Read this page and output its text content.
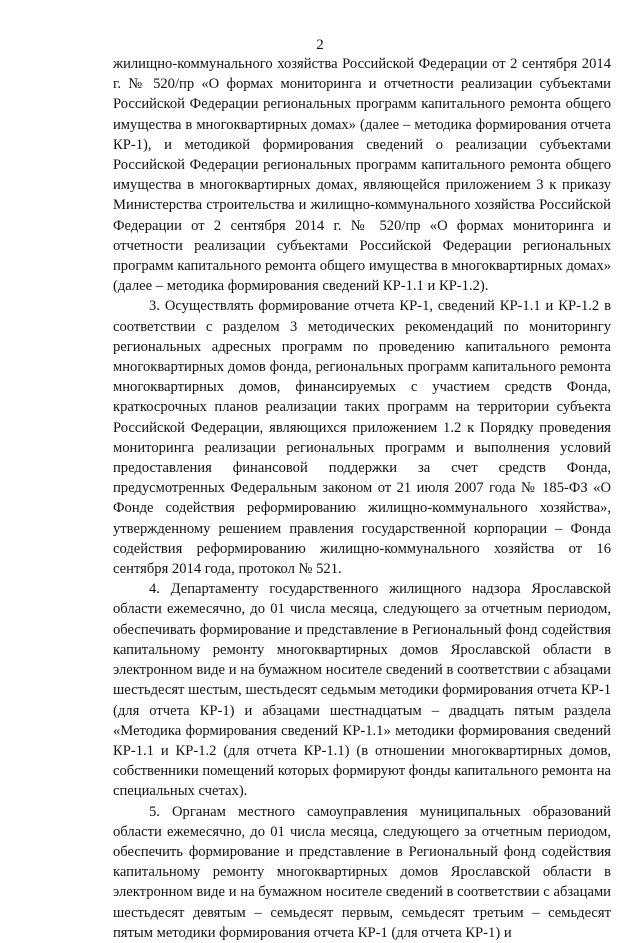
2

жилищно-коммунального хозяйства Российской Федерации от 2 сентября 2014 г. № 520/пр «О формах мониторинга и отчетности реализации субъектами Российской Федерации региональных программ капитального ремонта общего имущества в многоквартирных домах» (далее – методика формирования отчета КР-1), и методикой формирования сведений о реализации субъектами Российской Федерации региональных программ капитального ремонта общего имущества в многоквартирных домах, являющейся приложением 3 к приказу Министерства строительства и жилищно-коммунального хозяйства Российской Федерации от 2 сентября 2014 г. № 520/пр «О формах мониторинга и отчетности реализации субъектами Российской Федерации региональных программ капитального ремонта общего имущества в многоквартирных домах» (далее – методика формирования сведений КР-1.1 и КР-1.2).

3. Осуществлять формирование отчета КР-1, сведений КР-1.1 и КР-1.2 в соответствии с разделом 3 методических рекомендаций по мониторингу региональных адресных программ по проведению капитального ремонта многоквартирных домов фонда, региональных программ капитального ремонта многоквартирных домов, финансируемых с участием средств Фонда, краткосрочных планов реализации таких программ на территории субъекта Российской Федерации, являющихся приложением 1.2 к Порядку проведения мониторинга реализации региональных программ и выполнения условий предоставления финансовой поддержки за счет средств Фонда, предусмотренных Федеральным законом от 21 июля 2007 года № 185-ФЗ «О Фонде содействия реформированию жилищно-коммунального хозяйства», утвержденному решением правления государственной корпорации – Фонда содействия реформированию жилищно-коммунального хозяйства от 16 сентября 2014 года, протокол № 521.

4. Департаменту государственного жилищного надзора Ярославской области ежемесячно, до 01 числа месяца, следующего за отчетным периодом, обеспечивать формирование и представление в Региональный фонд содействия капитальному ремонту многоквартирных домов Ярославской области в электронном виде и на бумажном носителе сведений в соответствии с абзацами шестьдесят шестым, шестьдесят седьмым методики формирования отчета КР-1 (для отчета КР-1) и абзацами шестнадцатым – двадцать пятым раздела «Методика формирования сведений КР-1.1» методики формирования сведений КР-1.1 и КР-1.2 (для отчета КР-1.1) (в отношении многоквартирных домов, собственники помещений которых формируют фонды капитального ремонта на специальных счетах).

5. Органам местного самоуправления муниципальных образований области ежемесячно, до 01 числа месяца, следующего за отчетным периодом, обеспечить формирование и представление в Региональный фонд содействия капитальному ремонту многоквартирных домов Ярославской области в электронном виде и на бумажном носителе сведений в соответствии с абзацами шестьдесят девятым – семьдесят первым, семьдесят третьим – семьдесят пятым методики формирования отчета КР-1 (для отчета КР-1) и
